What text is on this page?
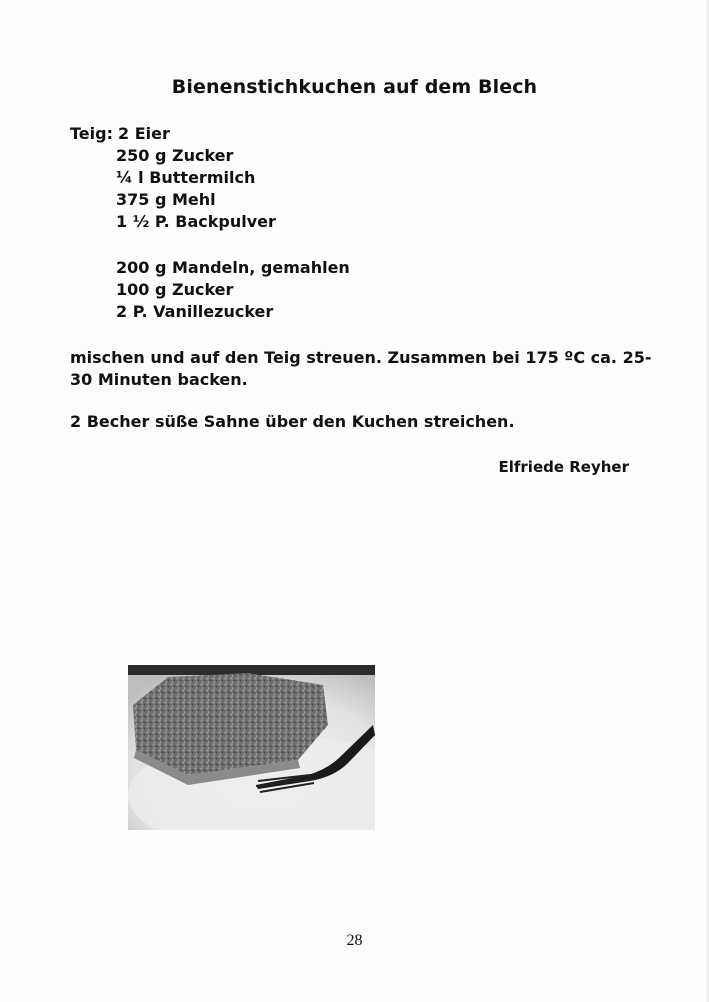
Bienenstichkuchen auf dem Blech
Teig: 2 Eier
250 g Zucker
¼ l Buttermilch
375 g Mehl
1 ½ P. Backpulver
200 g Mandeln, gemahlen
100 g Zucker
2 P. Vanillezucker
mischen und auf den Teig streuen. Zusammen bei 175 ºC ca. 25-
30 Minuten backen.
2 Becher süße Sahne über den Kuchen streichen.
Elfriede Reyher
28
